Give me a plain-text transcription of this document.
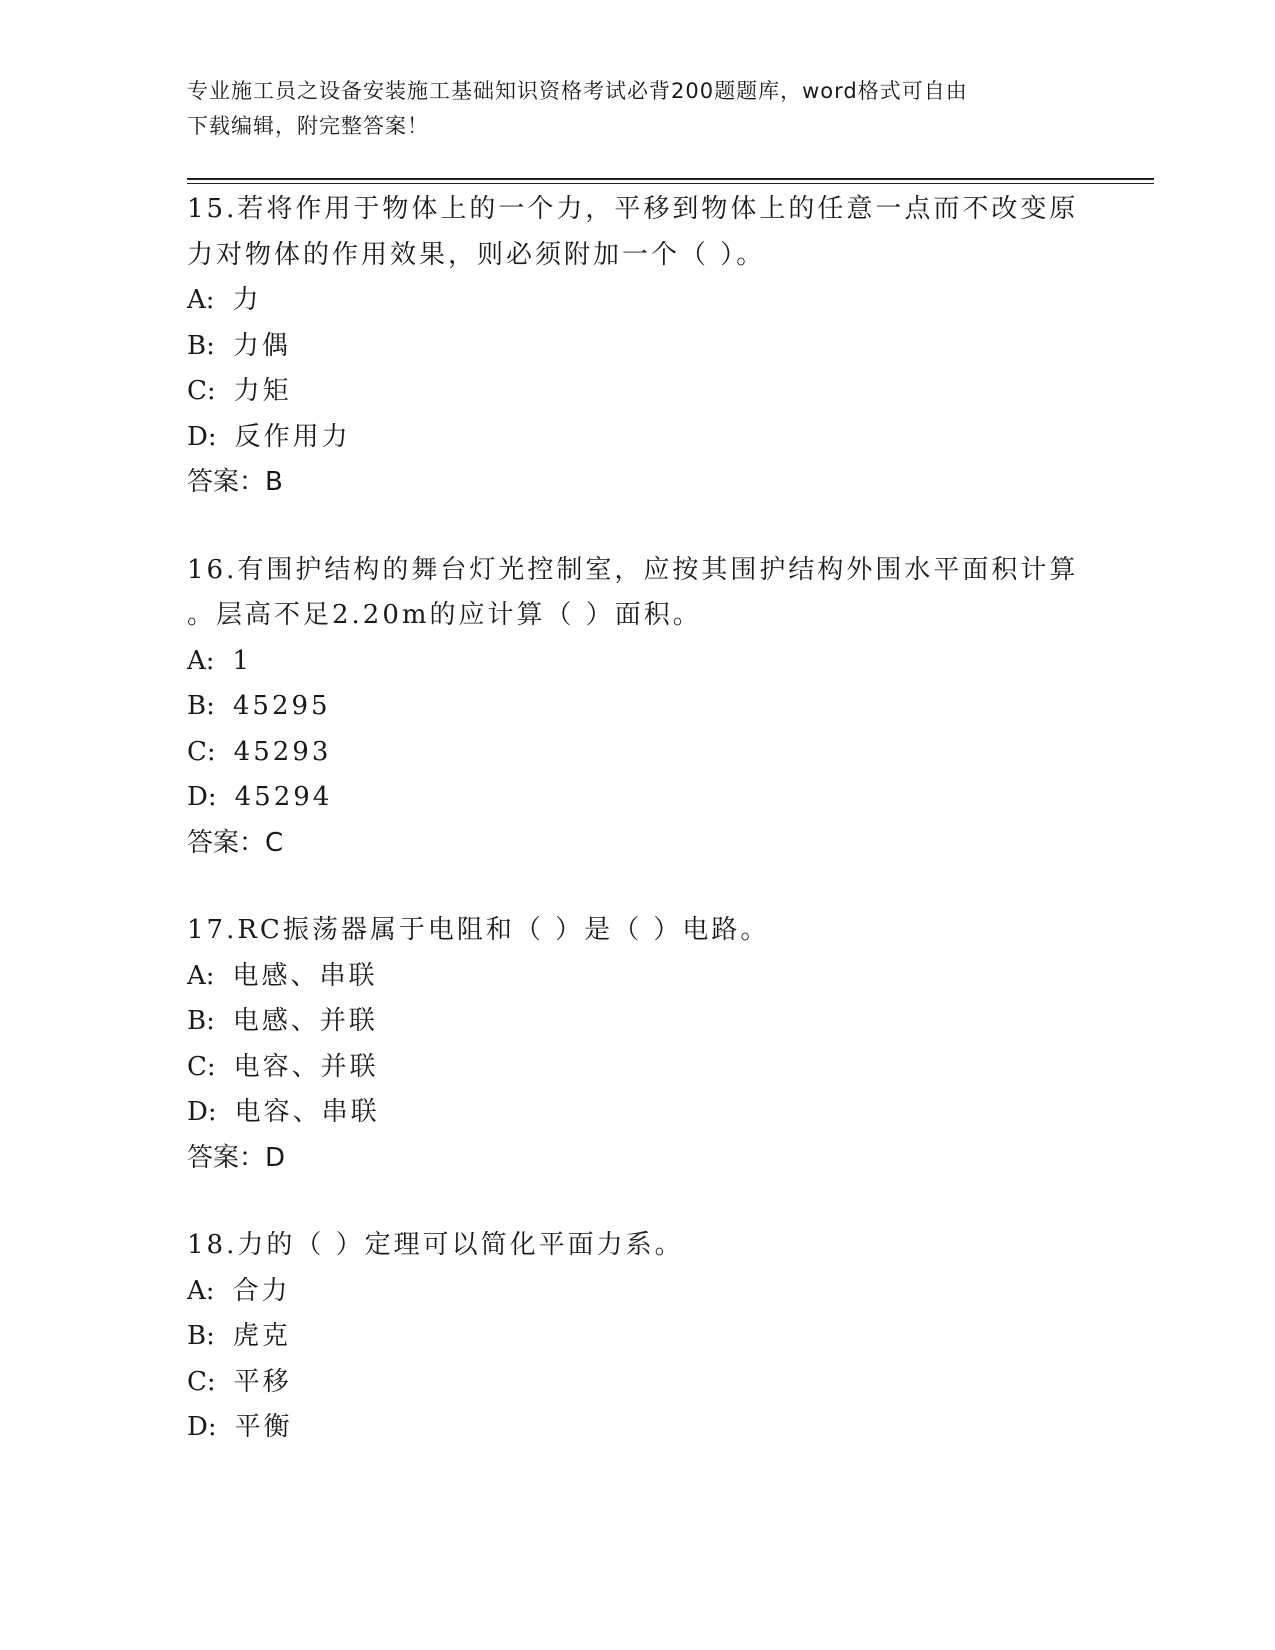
专业施工员之设备安装施工基础知识资格考试必背200题题库，word格式可自由
下载编辑，附完整答案！

15.若将作用于物体上的一个力，平移到物体上的任意一点而不改变原

力对物体的作用效果，则必须附加一个（ ）。

A: 力

B: 力偶

C: 力矩

D: 反作用力

答案：B

16.有围护结构的舞台灯光控制室，应按其围护结构外围水平面积计算

。层高不足2.20m的应计算（ ）面积。

A: 1

B: 45295

C: 45293

D: 45294

答案：C

17.RC振荡器属于电阻和（ ）是（ ）电路。

A: 电感、串联

B: 电感、并联

C: 电容、并联

D: 电容、串联

答案：D

18.力的（ ）定理可以简化平面力系。

A: 合力

B: 虎克

C: 平移

D: 平衡
